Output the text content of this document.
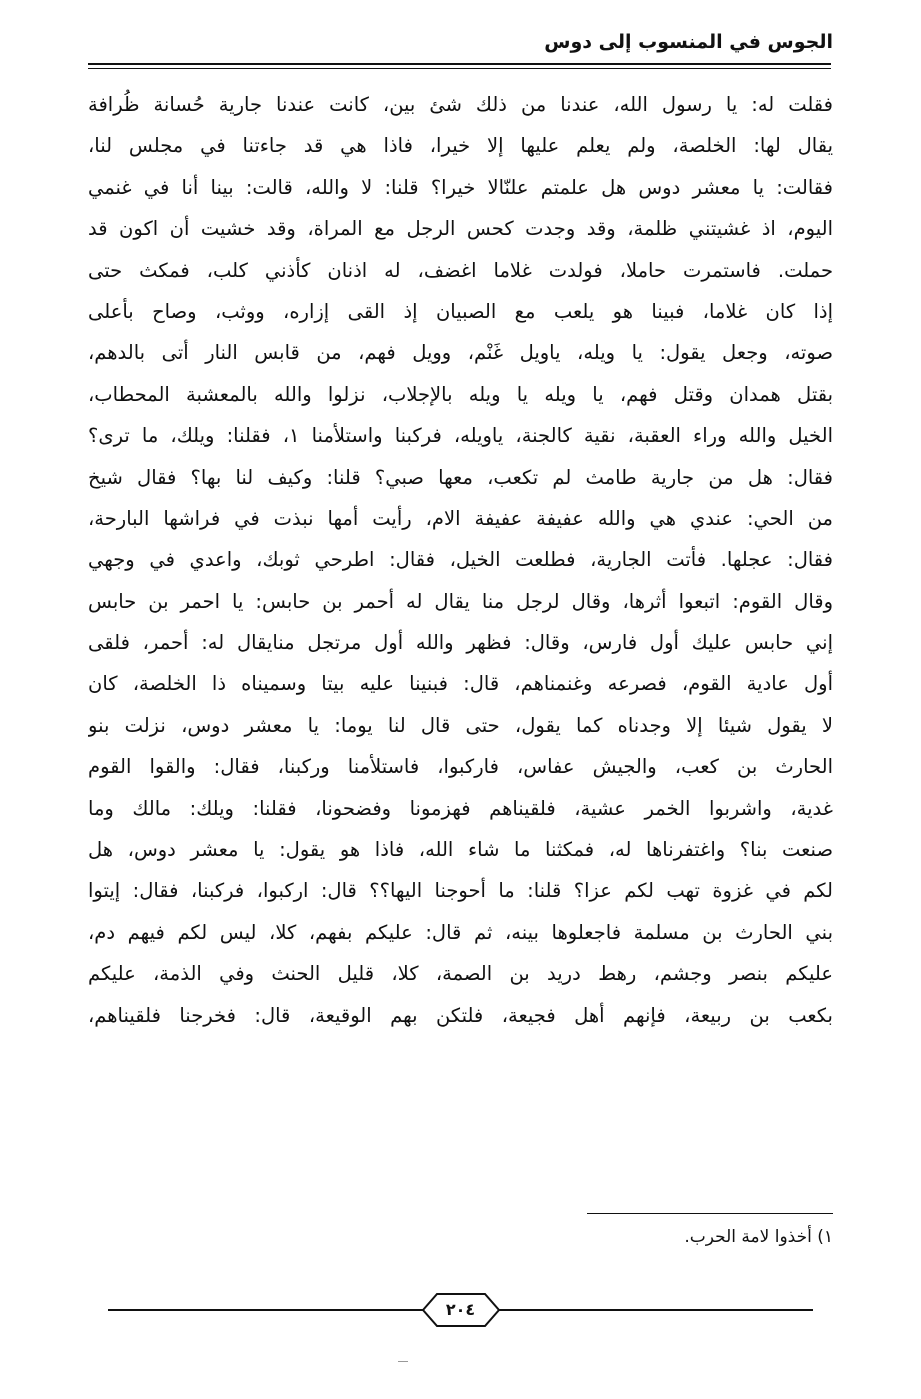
الجوس في المنسوب إلى دوس
فقلت له: يا رسول الله، عندنا من ذلك شئ بين، كانت عندنا جارية حُسانة ظُرافة
يقال لها: الخلصة، ولم يعلم عليها إلا خيرا، فاذا هي قد جاءتنا في مجلس لنا،
فقالت: يا معشر دوس هل علمتم علنّالا خيرا؟ قلنا: لا والله، قالت: بينا أنا في غنمي
اليوم، اذ غشيتني ظلمة، وقد وجدت كحس الرجل مع المراة، وقد خشيت أن اكون قد
حملت. فاستمرت حاملا، فولدت غلاما اغضف، له اذنان كأذني كلب، فمكث حتى
إذا كان غلاما، فبينا هو يلعب مع الصبيان إذ القى إزاره، ووثب، وصاح بأعلى
صوته، وجعل يقول: يا ويله، ياويل غَنْم، وويل فهم، من قابس النار أتى بالدهم،
بقتل همدان وقتل فهم، يا ويله يا ويله بالإجلاب، نزلوا والله بالمعشبة المحطاب،
الخيل والله وراء العقبة، نقية كالجنة، ياويله، فركبنا واستلأمنا ١، فقلنا: ويلك، ما ترى؟
فقال: هل من جارية طامث لم تكعب، معها صبي؟ قلنا: وكيف لنا بها؟ فقال شيخ
من الحي: عندي هي والله عفيفة عفيفة الام، رأيت أمها نبذت في فراشها البارحة،
فقال: عجلها. فأتت الجارية، فطلعت الخيل، فقال: اطرحي ثوبك، واعدي في وجهي
وقال القوم: اتبعوا أثرها، وقال لرجل منا يقال له أحمر بن حابس: يا احمر بن حابس
إني حابس عليك أول فارس، وقال: فظهر والله أول مرتجل منايقال له: أحمر، فلقى
أول عادية القوم، فصرعه وغنمناهم، قال: فبنينا عليه بيتا وسميناه ذا الخلصة، كان
لا يقول شيئا إلا وجدناه كما يقول، حتى قال لنا يوما: يا معشر دوس، نزلت بنو
الحارث بن كعب، والجيش عفاس، فاركبوا، فاستلأمنا وركبنا، فقال: والقوا القوم
غدية، واشربوا الخمر عشية، فلقيناهم فهزمونا وفضحونا، فقلنا: ويلك: مالك وما
صنعت بنا؟ واغتفرناها له، فمكثنا ما شاء الله، فاذا هو يقول: يا معشر دوس، هل
لكم في غزوة تهب لكم عزا؟ قلنا: ما أحوجنا اليها؟؟ قال: اركبوا، فركبنا، فقال: إيتوا
بني الحارث بن مسلمة فاجعلوها بينه، ثم قال: عليكم بفهم، كلا، ليس لكم فيهم دم،
عليكم بنصر وجشم، رهط دريد بن الصمة، كلا، قليل الحنث وفي الذمة، عليكم
بكعب بن ربيعة، فإنهم أهل فجيعة، فلتكن بهم الوقيعة، قال: فخرجنا فلقيناهم،
١) أخذوا لامة الحرب.
٢٠٤
